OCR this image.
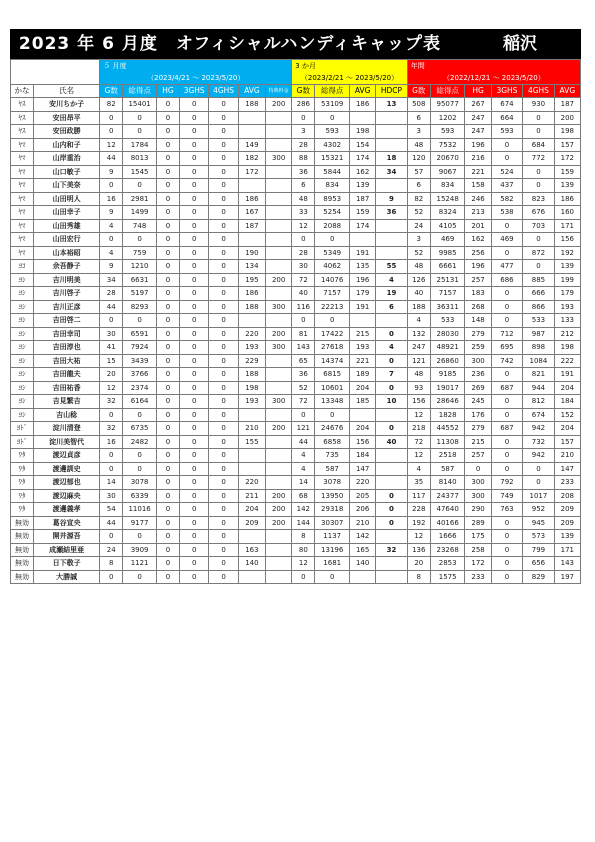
2023 年 6 月度　オフィシャルハンディキャップ表	稲沢
		５ 月度							3 か月				年間					
		（2023/4/21 ～ 2023/5/20）							（2023/2/21 ～ 2023/5/20）				（2022/12/21 ～ 2023/5/20）					
かな	氏名	G数	総得点	HG	3GHS	4GHS	AVG	特典料金	G数	総得点	AVG	HDCP	G数	総得点	HG	3GHS	4GHS	AVG
ﾔｽ	安川ちか子	82	15401	0	0	0	188	200	286	53109	186	13	508	95077	267	674	930	187
ﾔｽ	安田昂平	0	0	0	0	0			0	0			6	1202	247	664	0	200
ﾔｽ	安田政勝	0	0	0	0	0			3	593	198		3	593	247	593	0	198
ﾔﾏ	山内和子	12	1784	0	0	0	149		28	4302	154		48	7532	196	0	684	157
ﾔﾏ	山岸重治	44	8013	0	0	0	182	300	88	15321	174	18	120	20670	216	0	772	172
ﾔﾏ	山口敏子	9	1545	0	0	0	172		36	5844	162	34	57	9067	221	524	0	159
ﾔﾏ	山下美奈	0	0	0	0	0			6	834	139		6	834	158	437	0	139
ﾔﾏ	山田明人	16	2981	0	0	0	186		48	8953	187	9	82	15248	246	582	823	186
ﾔﾏ	山田幸子	9	1499	0	0	0	167		33	5254	159	36	52	8324	213	538	676	160
ﾔﾏ	山田秀雄	4	748	0	0	0	187		12	2088	174		24	4105	201	0	703	171
ﾔﾏ	山田宏行	0	0	0	0	0			0	0			3	469	162	469	0	156
ﾔﾏ	山本裕昭	4	759	0	0	0	190		28	5349	191		52	9985	256	0	872	192
ﾖｺ	余吾静子	9	1210	0	0	0	134		30	4062	135	55	48	6661	196	477	0	139
ﾖｼ	吉川明美	34	6631	0	0	0	195	200	72	14076	196	4	126	25131	257	686	885	199
ﾖｼ	吉川啓子	28	5197	0	0	0	186		40	7157	179	19	40	7157	183	0	666	179
ﾖｼ	吉川正彦	44	8293	0	0	0	188	300	116	22213	191	6	188	36311	268	0	866	193
ﾖｼ	吉田啓二	0	0	0	0	0			0	0			4	533	148	0	533	133
ﾖｼ	吉田幸司	30	6591	0	0	0	220	200	81	17422	215	0	132	28030	279	712	987	212
ﾖｼ	吉田淳也	41	7924	0	0	0	193	300	143	27618	193	4	247	48921	259	695	898	198
ﾖｼ	吉田大祐	15	3439	0	0	0	229		65	14374	221	0	121	26860	300	742	1084	222
ﾖｼ	吉田龍夫	20	3766	0	0	0	188		36	6815	189	7	48	9185	236	0	821	191
ﾖｼ	吉田祐香	12	2374	0	0	0	198		52	10601	204	0	93	19017	269	687	944	204
ﾖｼ	吉見繁吉	32	6164	0	0	0	193	300	72	13348	185	10	156	28646	245	0	812	184
ﾖｼ	吉山稔	0	0	0	0	0			0	0			12	1828	176	0	674	152
ﾖﾄﾞ	淀川清登	32	6735	0	0	0	210	200	121	24676	204	0	218	44552	279	687	942	204
ﾖﾄﾞ	淀川美智代	16	2482	0	0	0	155		44	6858	156	40	72	11308	215	0	732	157
ﾜﾀ	渡辺貞彦	0	0	0	0	0			4	735	184		12	2518	257	0	942	210
ﾜﾀ	渡邊訓史	0	0	0	0	0			4	587	147		4	587	0	0	0	147
ﾜﾀ	渡辺郁也	14	3078	0	0	0	220		14	3078	220		35	8140	300	792	0	233
ﾜﾀ	渡辺麻央	30	6339	0	0	0	211	200	68	13950	205	0	117	24377	300	749	1017	208
ﾜﾀ	渡邊義孝	54	11016	0	0	0	204	200	142	29318	206	0	228	47640	290	763	952	209
無効	葛谷宣央	44	9177	0	0	0	209	200	144	30307	210	0	192	40166	289	0	945	209
無効	開井源吾	0	0	0	0	0			8	1137	142		12	1666	175	0	573	139
無効	成瀬結里亜	24	3909	0	0	0	163		80	13196	165	32	136	23268	258	0	799	171
無効	日下敬子	8	1121	0	0	0	140		12	1681	140		20	2853	172	0	656	143
無効	大勝誠	0	0	0	0	0			0	0			8	1575	233	0	829	197
